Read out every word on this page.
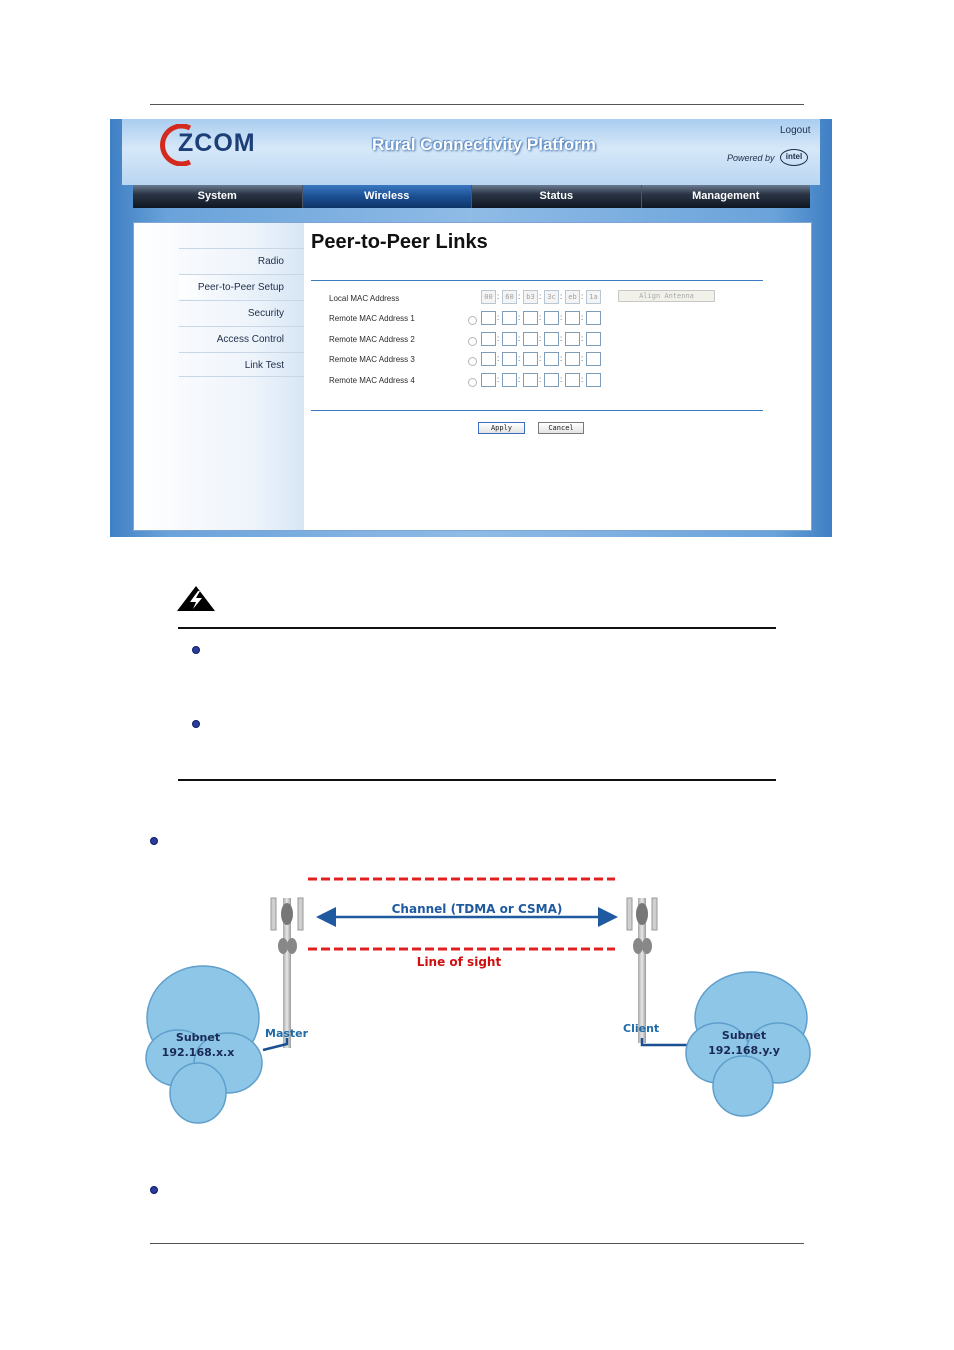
ZCOM	Rural Connectivity Platform
Logout
Powered by	intel
System	Wireless	Status	Management
Radio
Peer-to-Peer Setup
Security
Access Control
Link Test
Peer-to-Peer Links
Local MAC Address	00 : 60 : b3 : 3c : eb : 1a	Align Antenna
Remote MAC Address 1	: : : : :
Remote MAC Address 2	: : : : :
Remote MAC Address 3	: : : : :
Remote MAC Address 4	: : : : :
Apply	Cancel
Channel (TDMA or CSMA)
Line of sight
Subnet
192.168.x.x
Subnet
192.168.y.y
Master	Client
